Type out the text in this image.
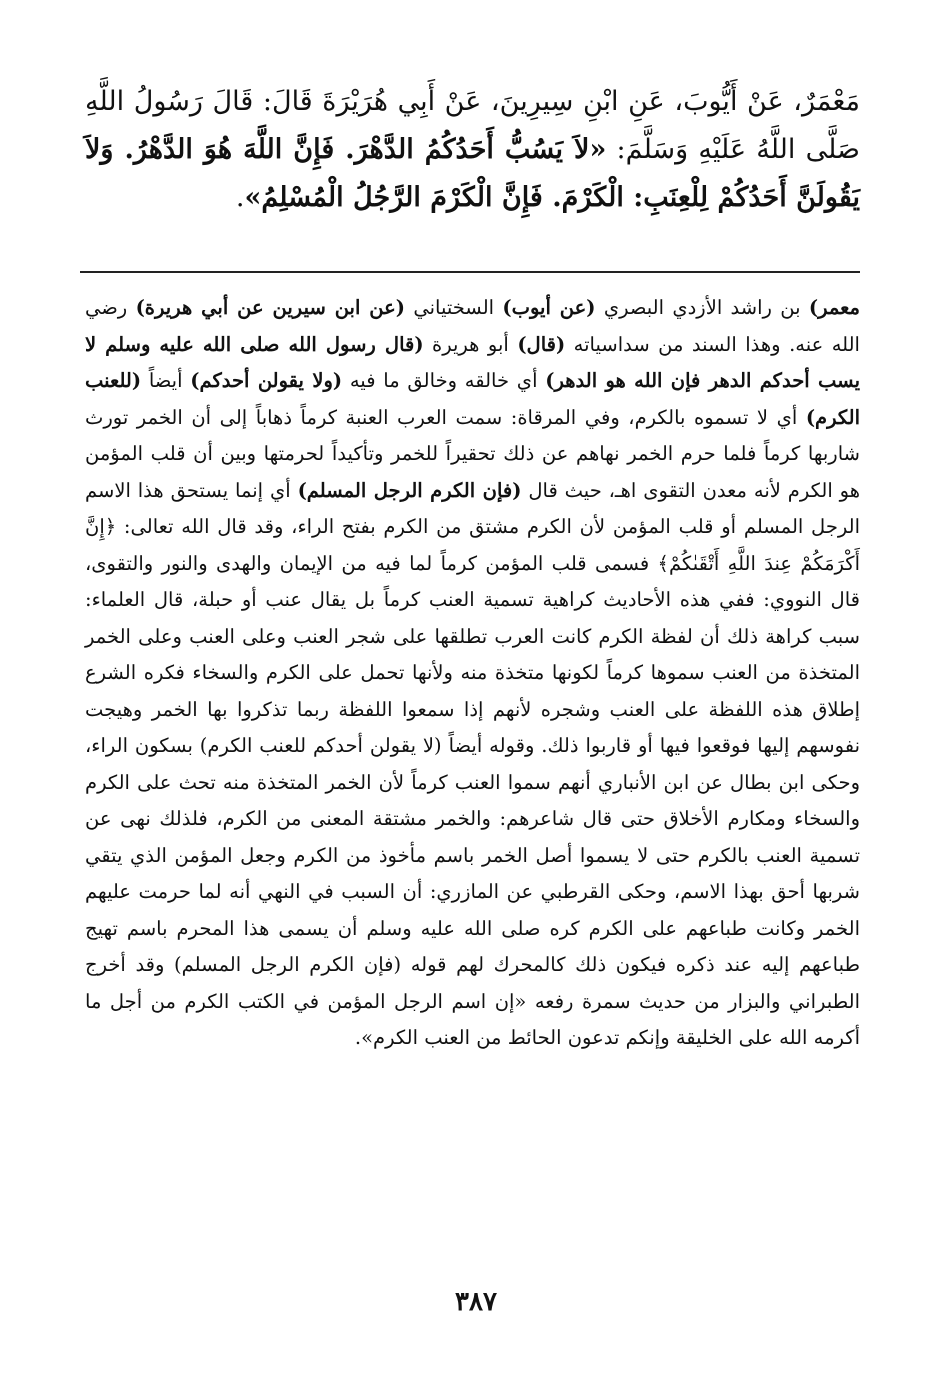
مَعْمَرٌ، عَنْ أَيُّوبَ، عَنِ ابْنِ سِيرِينَ، عَنْ أَبِي هُرَيْرَةَ قَالَ: قَالَ رَسُولُ اللَّهِ صَلَّى اللَّهُ عَلَيْهِ وَسَلَّمَ: «لاَ يَسُبُّ أَحَدُكُمُ الدَّهْرَ. فَإِنَّ اللَّهَ هُوَ الدَّهْرُ. وَلاَ يَقُولَنَّ أَحَدُكُمْ لِلْعِنَبِ: الْكَرْمَ. فَإِنَّ الْكَرْمَ الرَّجُلُ الْمُسْلِمُ».
معمر) بن راشد الأزدي البصري (عن أيوب) السختياني (عن ابن سيرين عن أبي هريرة) رضي الله عنه. وهذا السند من سداسياته (قال) أبو هريرة (قال رسول الله صلى الله عليه وسلم لا يسب أحدكم الدهر فإن الله هو الدهر) أي خالقه وخالق ما فيه (ولا يقولن أحدكم) أيضاً (للعنب الكرم) أي لا تسموه بالكرم، وفي المرقاة: سمت العرب العنبة كرماً ذهاباً إلى أن الخمر تورث شاربها كرماً فلما حرم الخمر نهاهم عن ذلك تحقيراً للخمر وتأكيداً لحرمتها وبين أن قلب المؤمن هو الكرم لأنه معدن التقوى اهـ، حيث قال (فإن الكرم الرجل المسلم) أي إنما يستحق هذا الاسم الرجل المسلم أو قلب المؤمن لأن الكرم مشتق من الكرم بفتح الراء، وقد قال الله تعالى: ﴿إِنَّ أَكْرَمَكُمْ عِندَ اللَّهِ أَتْقَىٰكُمْ﴾ فسمى قلب المؤمن كرماً لما فيه من الإيمان والهدى والنور والتقوى، قال النووي: ففي هذه الأحاديث كراهية تسمية العنب كرماً بل يقال عنب أو حبلة، قال العلماء: سبب كراهة ذلك أن لفظة الكرم كانت العرب تطلقها على شجر العنب وعلى العنب وعلى الخمر المتخذة من العنب سموها كرماً لكونها متخذة منه ولأنها تحمل على الكرم والسخاء فكره الشرع إطلاق هذه اللفظة على العنب وشجره لأنهم إذا سمعوا اللفظة ربما تذكروا بها الخمر وهيجت نفوسهم إليها فوقعوا فيها أو قاربوا ذلك. وقوله أيضاً (لا يقولن أحدكم للعنب الكرم) بسكون الراء، وحكى ابن بطال عن ابن الأنباري أنهم سموا العنب كرماً لأن الخمر المتخذة منه تحث على الكرم والسخاء ومكارم الأخلاق حتى قال شاعرهم: والخمر مشتقة المعنى من الكرم، فلذلك نهى عن تسمية العنب بالكرم حتى لا يسموا أصل الخمر باسم مأخوذ من الكرم وجعل المؤمن الذي يتقي شربها أحق بهذا الاسم، وحكى القرطبي عن المازري: أن السبب في النهي أنه لما حرمت عليهم الخمر وكانت طباعهم على الكرم كره صلى الله عليه وسلم أن يسمى هذا المحرم باسم تهيج طباعهم إليه عند ذكره فيكون ذلك كالمحرك لهم قوله (فإن الكرم الرجل المسلم) وقد أخرج الطبراني والبزار من حديث سمرة رفعه «إن اسم الرجل المؤمن في الكتب الكرم من أجل ما أكرمه الله على الخليقة وإنكم تدعون الحائط من العنب الكرم».
٣٨٧
